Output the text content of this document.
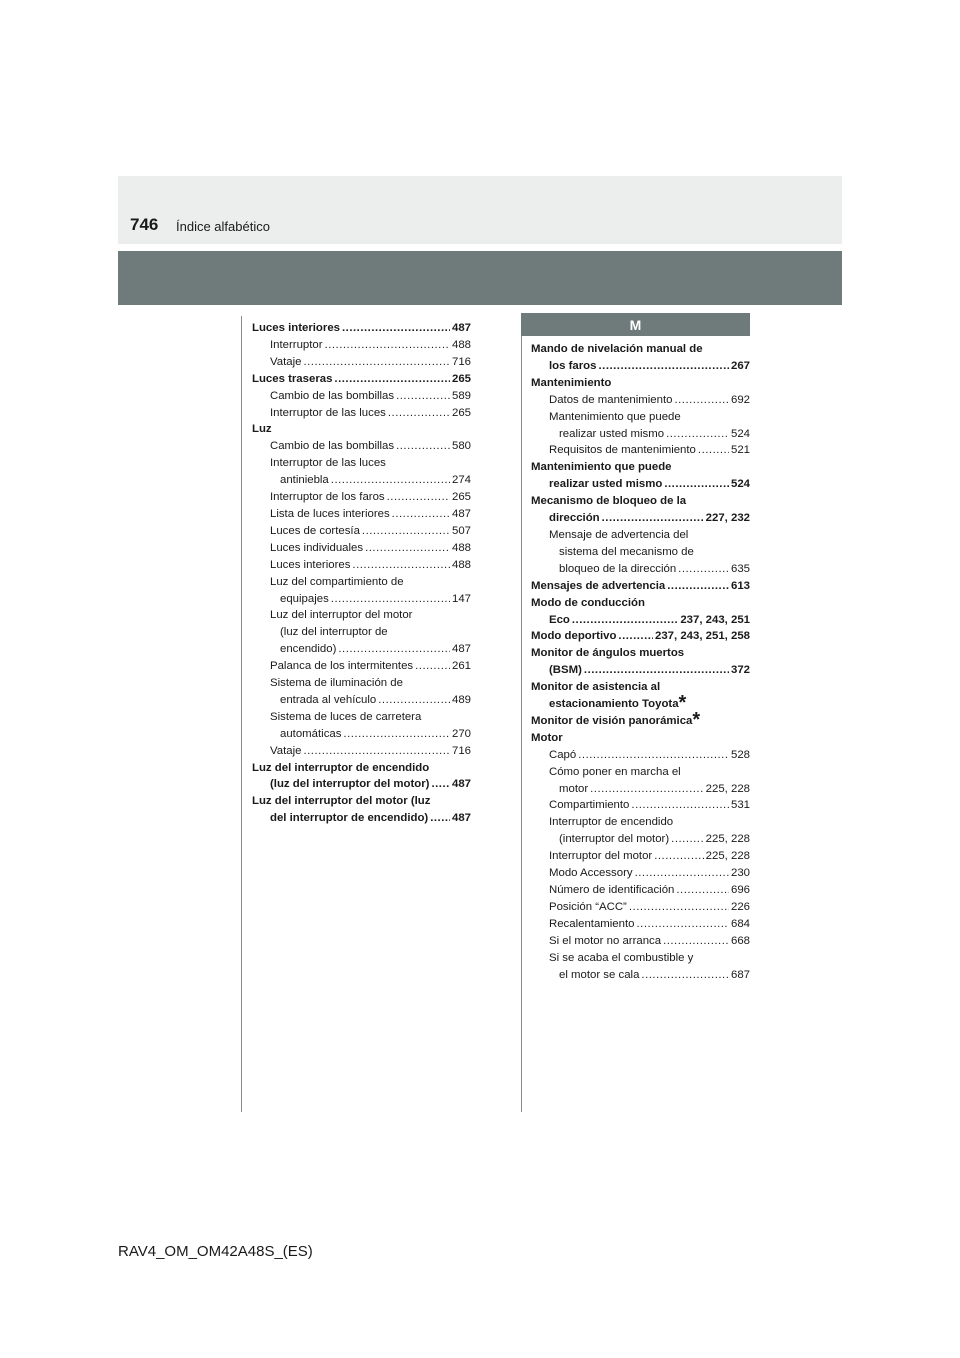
746 Índice alfabético
M
Luces interiores .....	487
Interruptor .....	488
Vataje .....	716
Luces traseras .....	265
Cambio de las bombillas .....	589
Interruptor de las luces .....	265
Luz
Cambio de las bombillas .....	580
Interruptor de las luces
antiniebla .....	274
Interruptor de los faros .....	265
Lista de luces interiores .....	487
Luces de cortesía .....	507
Luces individuales .....	488
Luces interiores .....	488
Luz del compartimiento de
equipajes .....	147
Luz del interruptor del motor
(luz del interruptor de
encendido) .....	487
Palanca de los intermitentes .....	261
Sistema de iluminación de
entrada al vehículo .....	489
Sistema de luces de carretera
automáticas .....	270
Vataje .....	716
Luz del interruptor de encendido
(luz del interruptor del motor) ..... 487
Luz del interruptor del motor (luz
del interruptor de encendido) ..... 487
Mando de nivelación manual de
los faros .....	267
Mantenimiento
Datos de mantenimiento .....	692
Mantenimiento que puede
realizar usted mismo .....	524
Requisitos de mantenimiento .....	521
Mantenimiento que puede
realizar usted mismo .....	524
Mecanismo de bloqueo de la
dirección .....	227, 232
Mensaje de advertencia del
sistema del mecanismo de
bloqueo de la dirección .....	635
Mensajes de advertencia .....	613
Modo de conducción
Eco .....	237, 243, 251
Modo deportivo .....	237, 243, 251, 258
Monitor de ángulos muertos
(BSM) .....	372
Monitor de asistencia al
estacionamiento Toyota*
Monitor de visión panorámica*
Motor
Capó .....	528
Cómo poner en marcha el
motor .....	225, 228
Compartimiento .....	531
Interruptor de encendido
(interruptor del motor) .....	225, 228
Interruptor del motor .....	225, 228
Modo Accessory .....	230
Número de identificación .....	696
Posición “ACC” .....	226
Recalentamiento .....	684
Si el motor no arranca .....	668
Si se acaba el combustible y
el motor se cala .....	687
RAV4_OM_OM42A48S_(ES)
